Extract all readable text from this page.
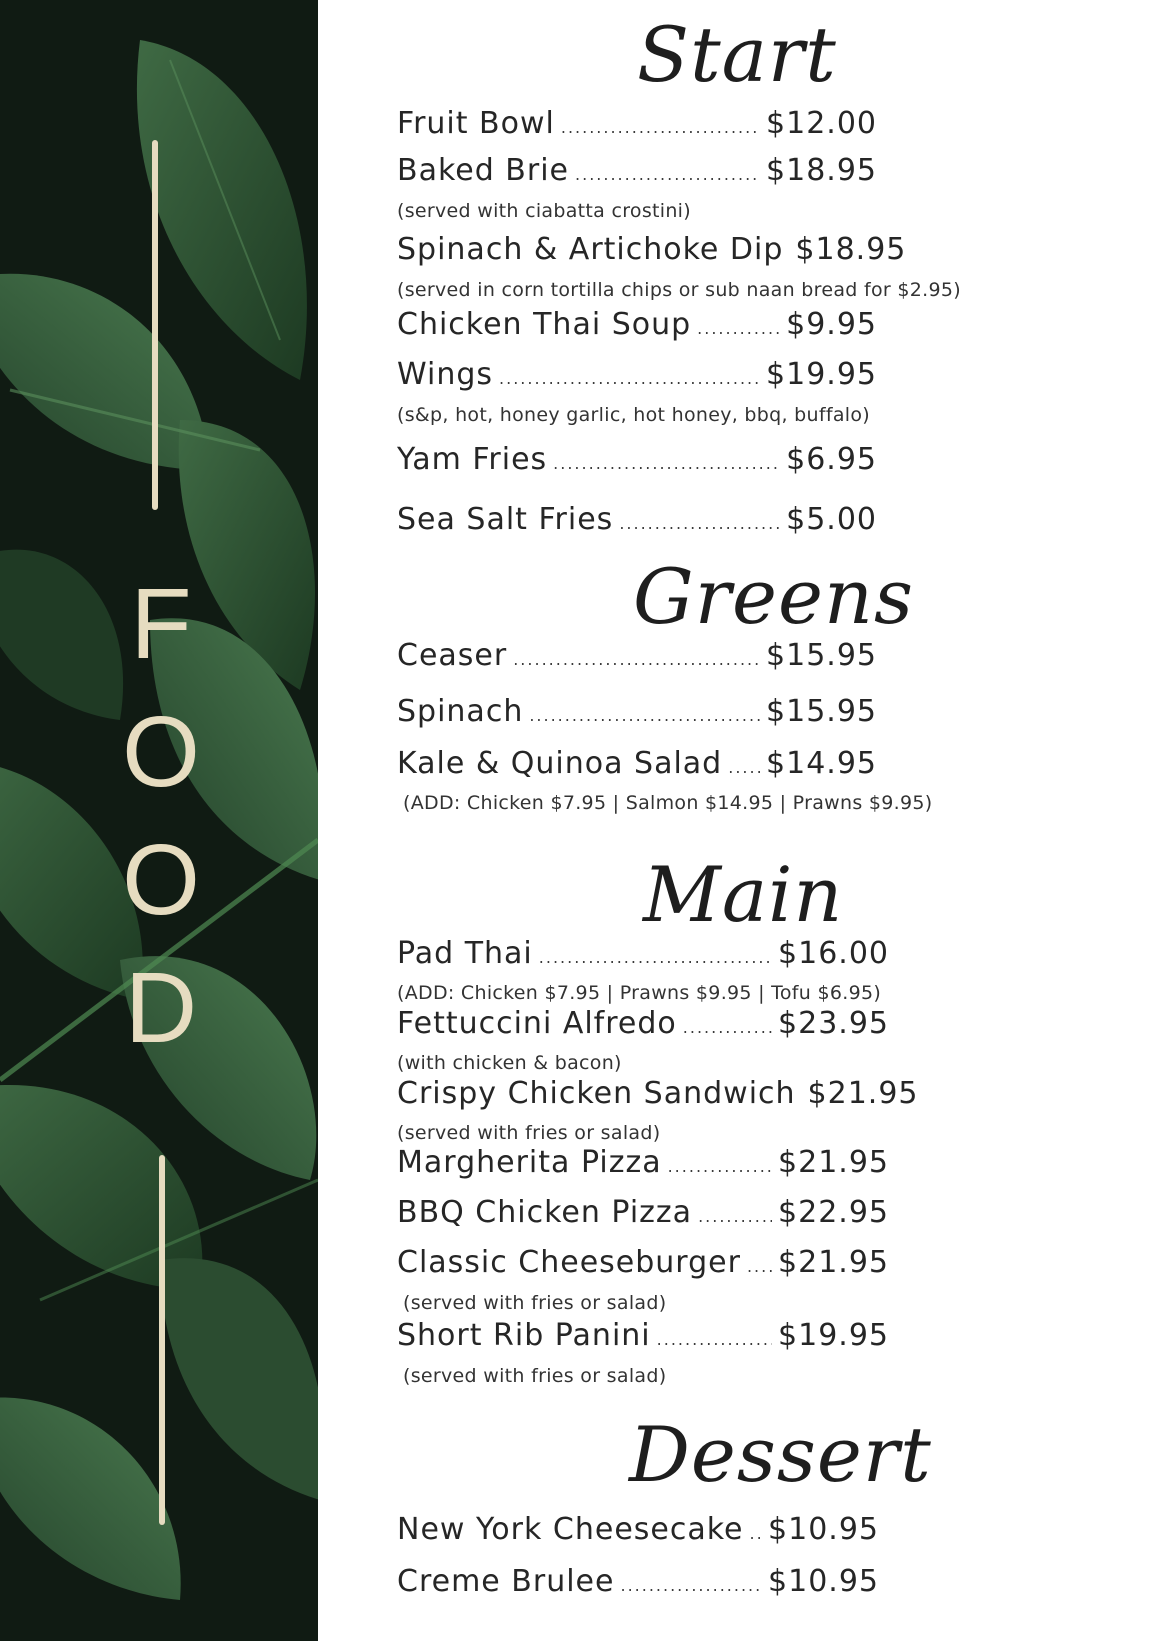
F
O
O
D
Start
Fruit Bowl .....	$12.00
Baked Brie .....	$18.95
(served with ciabatta crostini)
Spinach & Artichoke Dip $18.95
(served in corn tortilla chips or sub naan bread for $2.95)
Chicken Thai Soup .....	$9.95
Wings .....	$19.95
(s&p, hot, honey garlic, hot honey, bbq, buffalo)
Yam Fries .....	$6.95
Sea Salt Fries .....	$5.00
Greens
Ceaser .....	$15.95
Spinach .....	$15.95
Kale & Quinoa Salad ..... $14.95
(ADD: Chicken $7.95 | Salmon $14.95 | Prawns $9.95)
Main
Pad Thai .....	$16.00
(ADD: Chicken $7.95 | Prawns $9.95 | Tofu $6.95)
Fettuccini Alfredo .....	$23.95
(with chicken & bacon)
Crispy Chicken Sandwich $21.95
(served with fries or salad)
Margherita Pizza .....	$21.95
BBQ Chicken Pizza .....	$22.95
Classic Cheeseburger ..... $21.95
(served with fries or salad)
Short Rib Panini .....	$19.95
(served with fries or salad)
Dessert
New York Cheesecake ..... $10.95
Creme Brulee .....	$10.95
